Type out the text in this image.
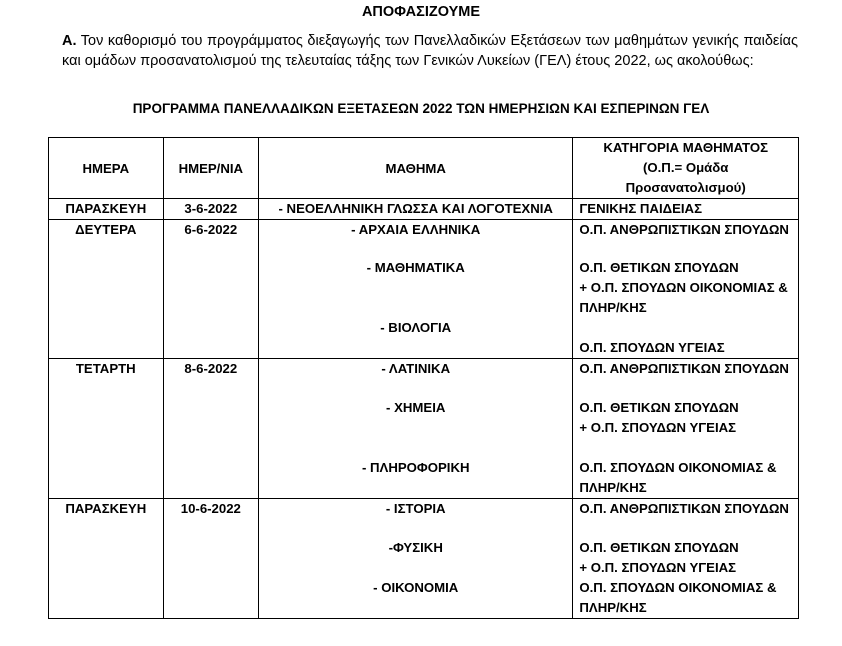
ΑΠΟΦΑΣΙΖΟΥΜΕ
Α. Τον καθορισμό του προγράμματος διεξαγωγής των Πανελλαδικών Εξετάσεων των μαθημάτων γενικής παιδείας και ομάδων προσανατολισμού της τελευταίας τάξης των Γενικών Λυκείων (ΓΕΛ) έτους 2022, ως ακολούθως:
ΠΡΟΓΡΑΜΜΑ ΠΑΝΕΛΛΑΔΙΚΩΝ ΕΞΕΤΑΣΕΩΝ 2022 ΤΩΝ ΗΜΕΡΗΣΙΩΝ ΚΑΙ ΕΣΠΕΡΙΝΩΝ ΓΕΛ
ΗΜΕΡΑ	ΗΜΕΡ/ΝΙΑ	ΜΑΘΗΜΑ	ΚΑΤΗΓΟΡΙΑ ΜΑΘΗΜΑΤΟΣ
(Ο.Π.= Ομάδα
Προσανατολισμού)

ΠΑΡΑΣΚΕΥΗ	3-6-2022	- ΝΕΟΕΛΛΗΝΙΚΗ ΓΛΩΣΣΑ ΚΑΙ ΛΟΓΟΤΕΧΝΙΑ	ΓΕΝΙΚΗΣ ΠΑΙΔΕΙΑΣ

ΔΕΥΤΕΡΑ	6-6-2022	- ΑΡΧΑΙΑ ΕΛΛΗΝΙΚΑ
- ΜΑΘΗΜΑΤΙΚΑ
- ΒΙΟΛΟΓΙΑ	Ο.Π. ΑΝΘΡΩΠΙΣΤΙΚΩΝ ΣΠΟΥΔΩΝ
Ο.Π. ΘΕΤΙΚΩΝ ΣΠΟΥΔΩΝ
+ Ο.Π. ΣΠΟΥΔΩΝ ΟΙΚΟΝΟΜΙΑΣ &
ΠΛΗΡ/ΚΗΣ
Ο.Π. ΣΠΟΥΔΩΝ ΥΓΕΙΑΣ

ΤΕΤΑΡΤΗ	8-6-2022	- ΛΑΤΙΝΙΚΑ
- ΧΗΜΕΙΑ
- ΠΛΗΡΟΦΟΡΙΚΗ	Ο.Π. ΑΝΘΡΩΠΙΣΤΙΚΩΝ ΣΠΟΥΔΩΝ
Ο.Π. ΘΕΤΙΚΩΝ ΣΠΟΥΔΩΝ
+ Ο.Π. ΣΠΟΥΔΩΝ ΥΓΕΙΑΣ
Ο.Π. ΣΠΟΥΔΩΝ ΟΙΚΟΝΟΜΙΑΣ &
ΠΛΗΡ/ΚΗΣ

ΠΑΡΑΣΚΕΥΗ	10-6-2022	- ΙΣΤΟΡΙΑ
-ΦΥΣΙΚΗ
- ΟΙΚΟΝΟΜΙΑ	Ο.Π. ΑΝΘΡΩΠΙΣΤΙΚΩΝ ΣΠΟΥΔΩΝ
Ο.Π. ΘΕΤΙΚΩΝ ΣΠΟΥΔΩΝ
+ Ο.Π. ΣΠΟΥΔΩΝ ΥΓΕΙΑΣ
Ο.Π. ΣΠΟΥΔΩΝ ΟΙΚΟΝΟΜΙΑΣ &
ΠΛΗΡ/ΚΗΣ
